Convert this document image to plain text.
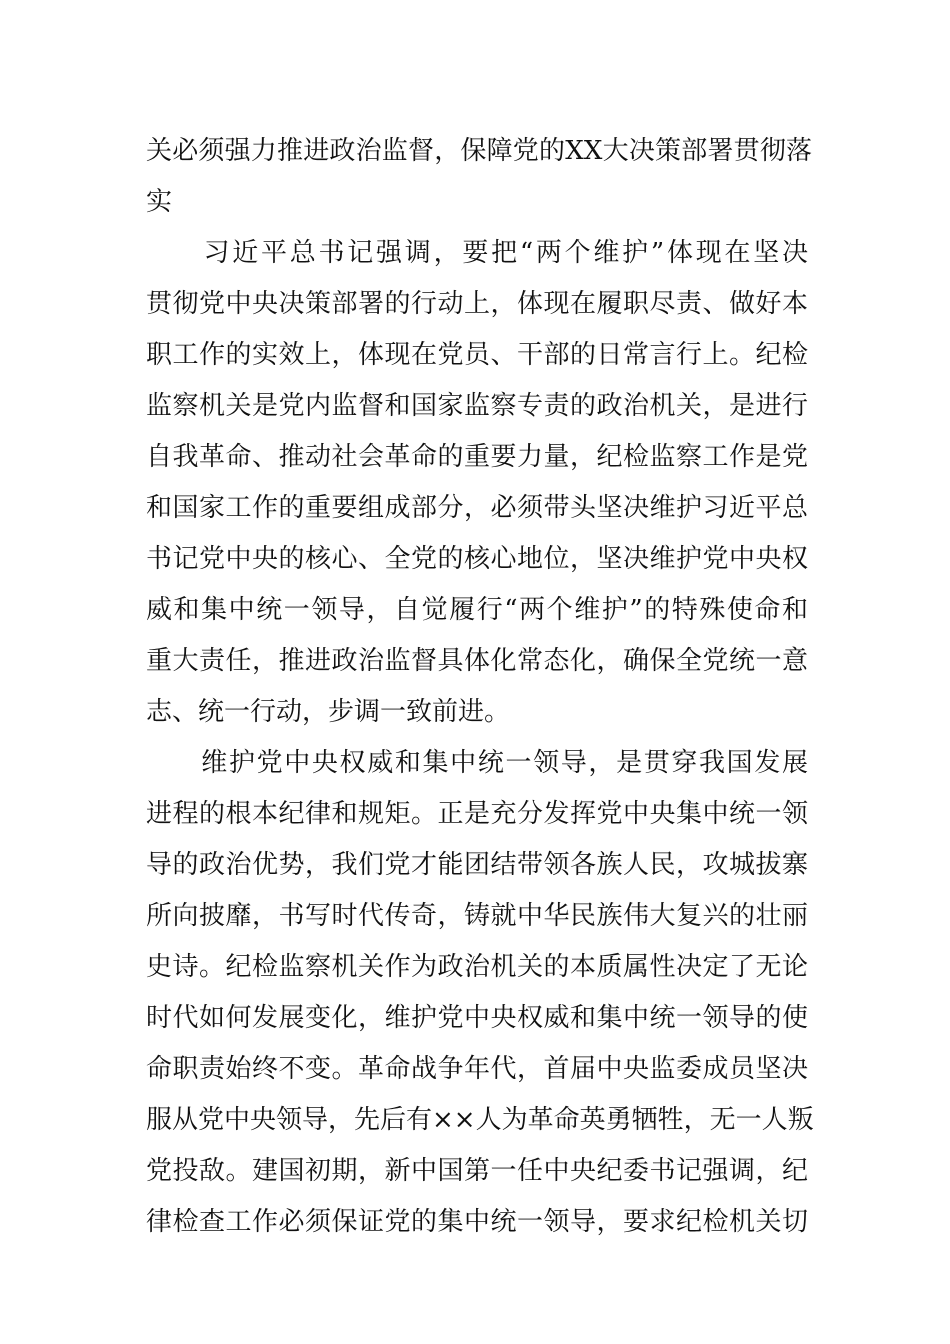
关必须强力推进政治监督，保障党的XX大决策部署贯彻落
实
　　习近平总书记强调，要把“两个维护”体现在坚决
贯彻党中央决策部署的行动上，体现在履职尽责、做好本
职工作的实效上，体现在党员、干部的日常言行上。纪检
监察机关是党内监督和国家监察专责的政治机关，是进行
自我革命、推动社会革命的重要力量，纪检监察工作是党
和国家工作的重要组成部分，必须带头坚决维护习近平总
书记党中央的核心、全党的核心地位，坚决维护党中央权
威和集中统一领导，自觉履行“两个维护”的特殊使命和
重大责任，推进政治监督具体化常态化，确保全党统一意
志、统一行动，步调一致前进。
　　维护党中央权威和集中统一领导，是贯穿我国发展
进程的根本纪律和规矩。正是充分发挥党中央集中统一领
导的政治优势，我们党才能团结带领各族人民，攻城拔寨
所向披靡，书写时代传奇，铸就中华民族伟大复兴的壮丽
史诗。纪检监察机关作为政治机关的本质属性决定了无论
时代如何发展变化，维护党中央权威和集中统一领导的使
命职责始终不变。革命战争年代，首届中央监委成员坚决
服从党中央领导，先后有××人为革命英勇牺牲，无一人叛
党投敌。建国初期，新中国第一任中央纪委书记强调，纪
律检查工作必须保证党的集中统一领导，要求纪检机关切
